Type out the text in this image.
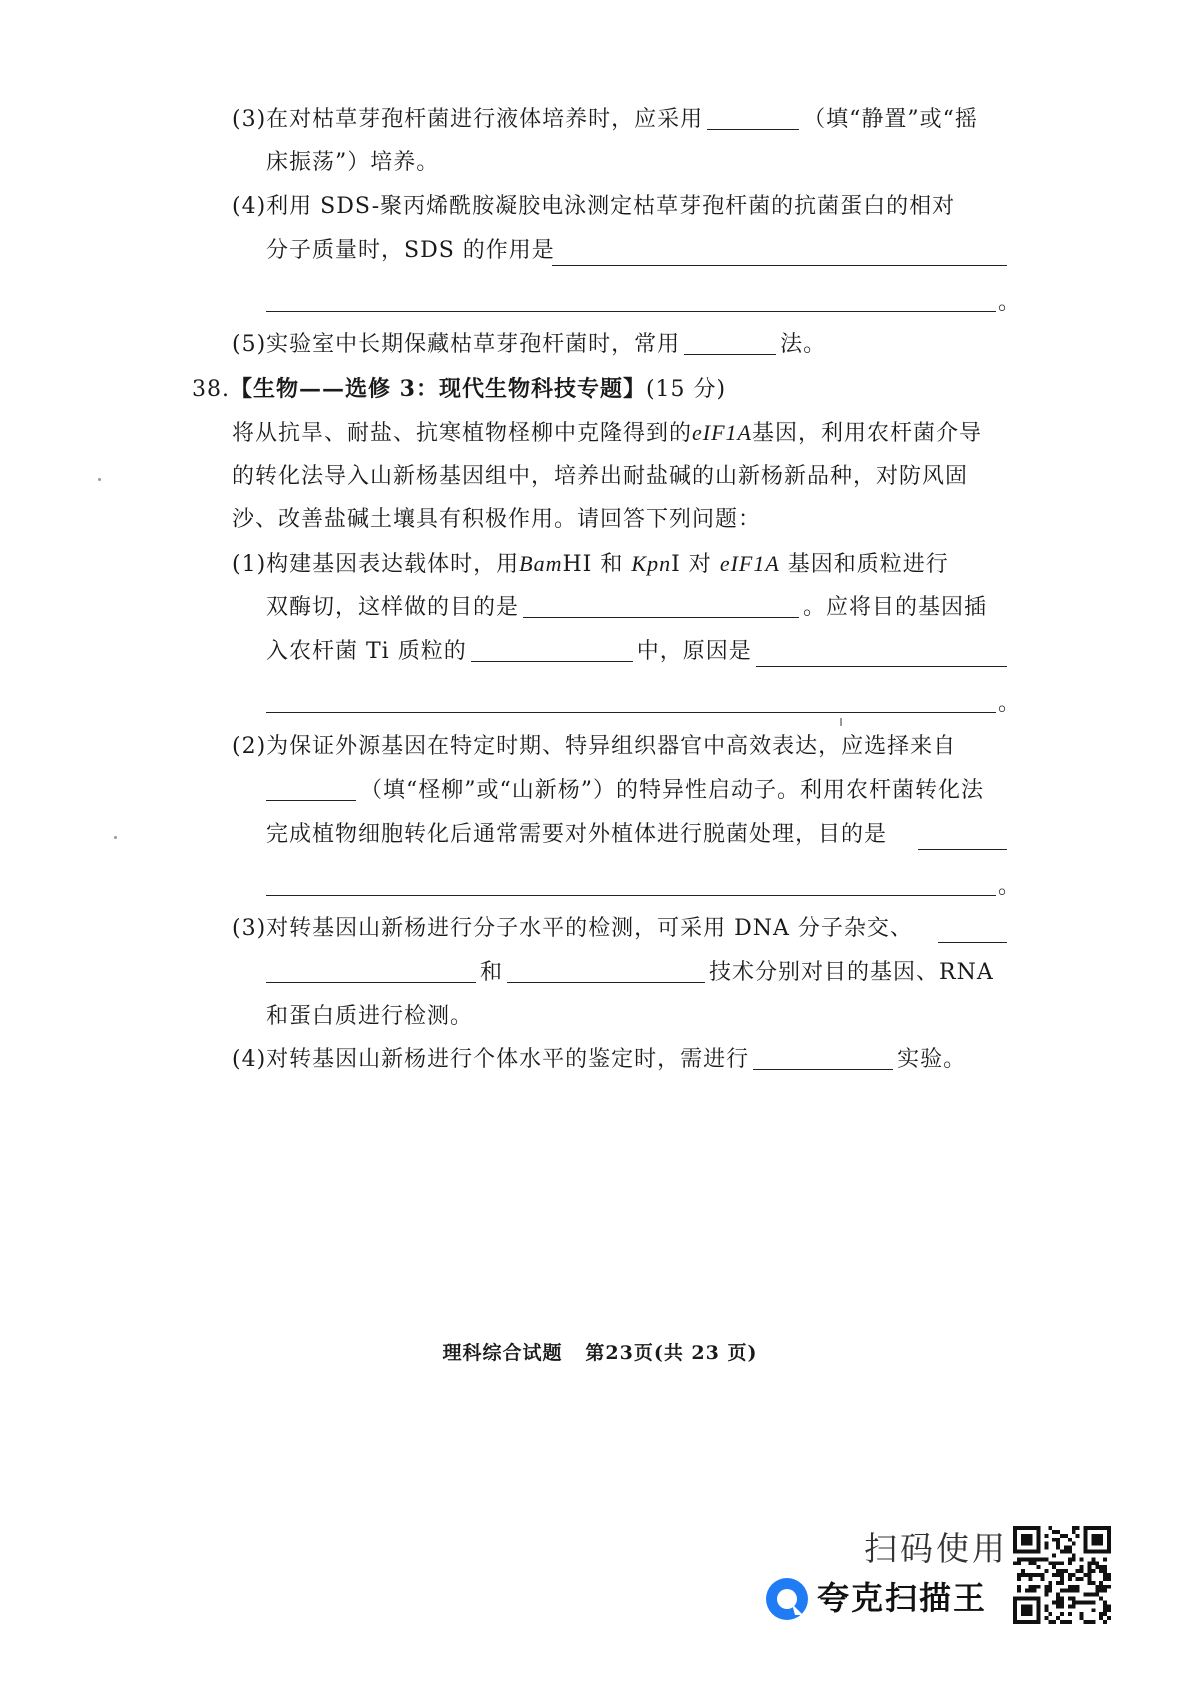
(3)在对枯草芽孢杆菌进行液体培养时，应采用	（填“静置”或“摇
床振荡”）培养。
(4)利用 SDS-聚丙烯酰胺凝胶电泳测定枯草芽孢杆菌的抗菌蛋白的相对
分子质量时，SDS 的作用是
。
(5)实验室中长期保藏枯草芽孢杆菌时，常用	法。
38.【生物——选修 3：现代生物科技专题】(15 分)
将从抗旱、耐盐、抗寒植物柽柳中克隆得到的eIF1A基因，利用农杆菌介导
的转化法导入山新杨基因组中，培养出耐盐碱的山新杨新品种，对防风固
沙、改善盐碱土壤具有积极作用。请回答下列问题：
(1)构建基因表达载体时，用BamHⅠ 和 KpnⅠ 对 eIF1A 基因和质粒进行
双酶切，这样做的目的是	。应将目的基因插
入农杆菌 Ti 质粒的	中，原因是
。
(2)为保证外源基因在特定时期、特异组织器官中高效表达，应选择来自
（填“柽柳”或“山新杨”）的特异性启动子。利用农杆菌转化法
完成植物细胞转化后通常需要对外植体进行脱菌处理，目的是
。
(3)对转基因山新杨进行分子水平的检测，可采用 DNA 分子杂交、
和	技术分别对目的基因、RNA
和蛋白质进行检测。
(4)对转基因山新杨进行个体水平的鉴定时，需进行	实验。
理科综合试题 第23页(共 23 页)
扫码使用
夸克扫描王
